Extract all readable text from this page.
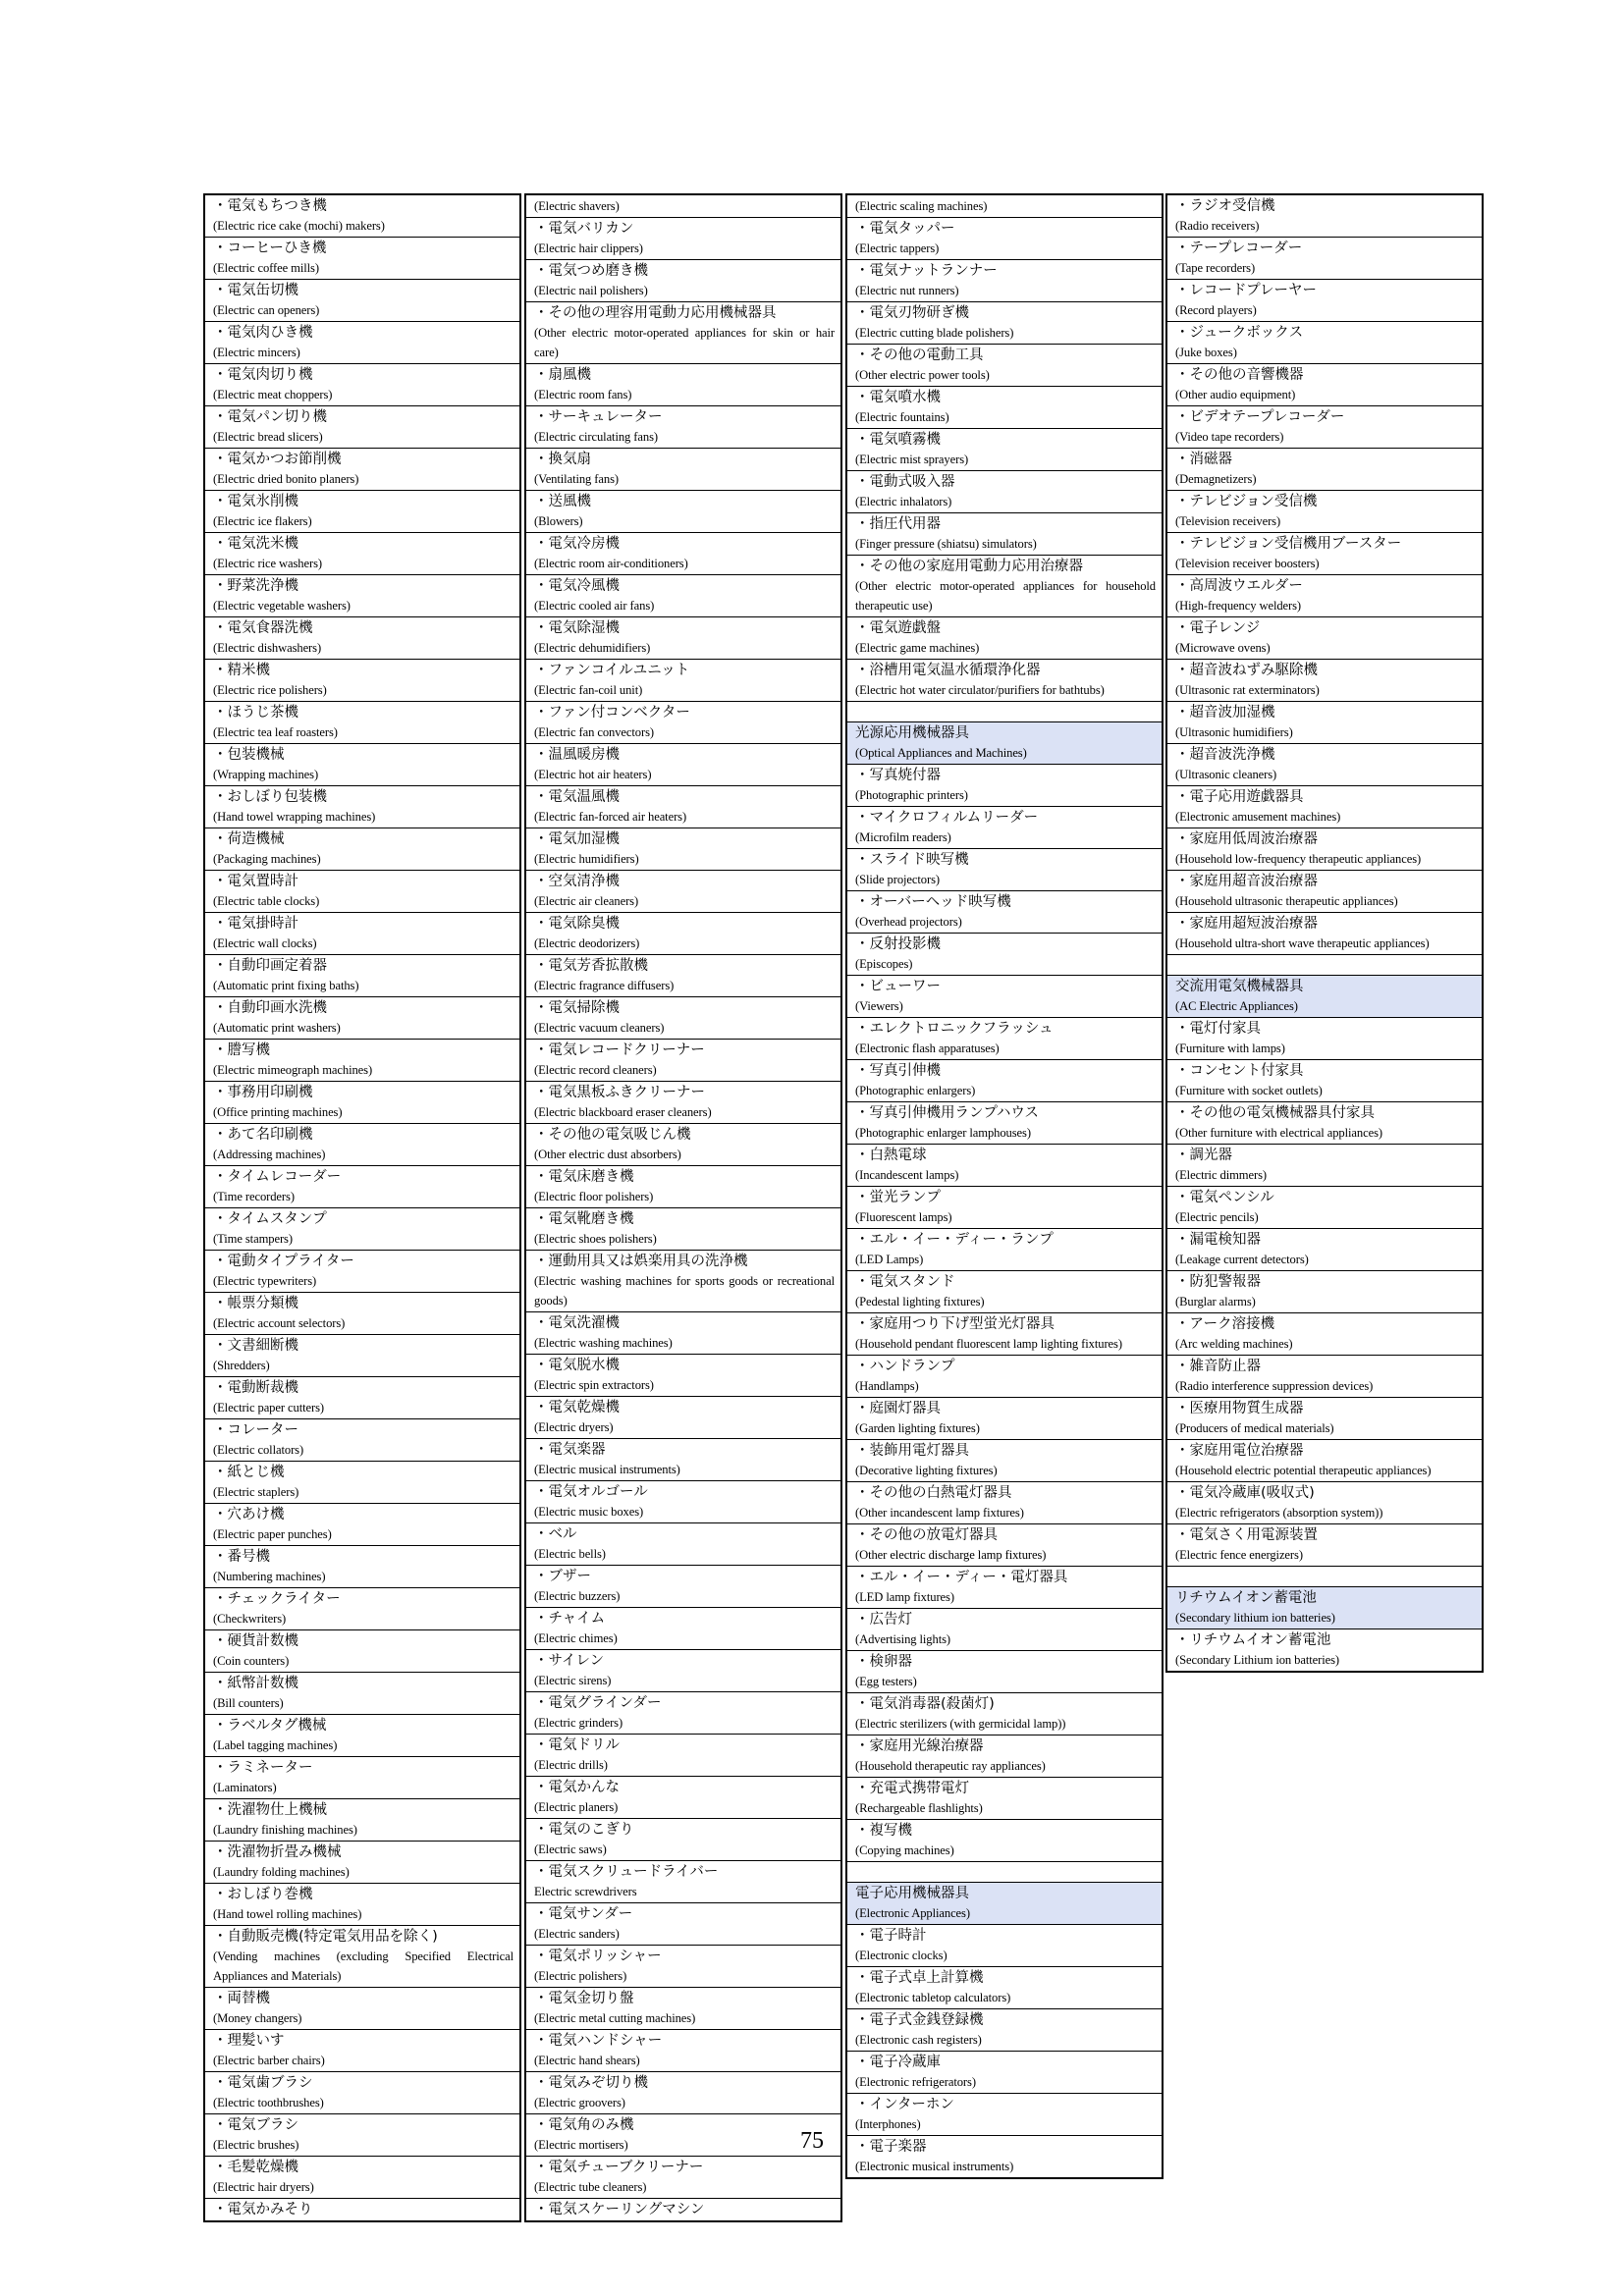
・電気もちつき機
(Electric rice cake (mochi) makers)
・コーヒーひき機
(Electric coffee mills)
・電気缶切機
(Electric can openers)
・電気肉ひき機
(Electric mincers)
・電気肉切り機
(Electric meat choppers)
・電気パン切り機
(Electric bread slicers)
・電気かつお節削機
(Electric dried bonito planers)
・電気氷削機
(Electric ice flakers)
・電気洗米機
(Electric rice washers)
・野菜洗浄機
(Electric vegetable washers)
・電気食器洗機
(Electric dishwashers)
・精米機
(Electric rice polishers)
・ほうじ茶機
(Electric tea leaf roasters)
・包装機械
(Wrapping machines)
・おしぼり包装機
(Hand towel wrapping machines)
・荷造機械
(Packaging machines)
・電気置時計
(Electric table clocks)
・電気掛時計
(Electric wall clocks)
・自動印画定着器
(Automatic print fixing baths)
・自動印画水洗機
(Automatic print washers)
・謄写機
(Electric mimeograph machines)
・事務用印刷機
(Office printing machines)
・あて名印刷機
(Addressing machines)
・タイムレコーダー
(Time recorders)
・タイムスタンプ
(Time stampers)
・電動タイプライター
(Electric typewriters)
・帳票分類機
(Electric account selectors)
・文書細断機
(Shredders)
・電動断裁機
(Electric paper cutters)
・コレーター
(Electric collators)
・紙とじ機
(Electric staplers)
・穴あけ機
(Electric paper punches)
・番号機
(Numbering machines)
・チェックライター
(Checkwriters)
・硬貨計数機
(Coin counters)
・紙幣計数機
(Bill counters)
・ラベルタグ機械
(Label tagging machines)
・ラミネーター
(Laminators)
・洗濯物仕上機械
(Laundry finishing machines)
・洗濯物折畳み機械
(Laundry folding machines)
・おしぼり巻機
(Hand towel rolling machines)
・自動販売機(特定電気用品を除く)
(Vending machines (excluding Specified Electrical Appliances and Materials)
・両替機
(Money changers)
・理髪いす
(Electric barber chairs)
・電気歯ブラシ
(Electric toothbrushes)
・電気ブラシ
(Electric brushes)
・毛髪乾燥機
(Electric hair dryers)
・電気かみそり
(Electric shavers)
・電気バリカン
(Electric hair clippers)
・電気つめ磨き機
(Electric nail polishers)
・その他の理容用電動力応用機械器具
(Other electric motor-operated appliances for skin or hair care)
・扇風機
(Electric room fans)
・サーキュレーター
(Electric circulating fans)
・換気扇
(Ventilating fans)
・送風機
(Blowers)
・電気冷房機
(Electric room air-conditioners)
・電気冷風機
(Electric cooled air fans)
・電気除湿機
(Electric dehumidifiers)
・ファンコイルユニット
(Electric fan-coil unit)
・ファン付コンベクター
(Electric fan convectors)
・温風暖房機
(Electric hot air heaters)
・電気温風機
(Electric fan-forced air heaters)
・電気加湿機
(Electric humidifiers)
・空気清浄機
(Electric air cleaners)
・電気除臭機
(Electric deodorizers)
・電気芳香拡散機
(Electric fragrance diffusers)
・電気掃除機
(Electric vacuum cleaners)
・電気レコードクリーナー
(Electric record cleaners)
・電気黒板ふきクリーナー
(Electric blackboard eraser cleaners)
・その他の電気吸じん機
(Other electric dust absorbers)
・電気床磨き機
(Electric floor polishers)
・電気靴磨き機
(Electric shoes polishers)
・運動用具又は娯楽用具の洗浄機
(Electric washing machines for sports goods or recreational goods)
・電気洗濯機
(Electric washing machines)
・電気脱水機
(Electric spin extractors)
・電気乾燥機
(Electric dryers)
・電気楽器
(Electric musical instruments)
・電気オルゴール
(Electric music boxes)
・ベル
(Electric bells)
・ブザー
(Electric buzzers)
・チャイム
(Electric chimes)
・サイレン
(Electric sirens)
・電気グラインダー
(Electric grinders)
・電気ドリル
(Electric drills)
・電気かんな
(Electric planers)
・電気のこぎり
(Electric saws)
・電気スクリュードライバー
Electric screwdrivers
・電気サンダー
(Electric sanders)
・電気ポリッシャー
(Electric polishers)
・電気金切り盤
(Electric metal cutting machines)
・電気ハンドシャー
(Electric hand shears)
・電気みぞ切り機
(Electric groovers)
・電気角のみ機
(Electric mortisers)
・電気チューブクリーナー
(Electric tube cleaners)
・電気スケーリングマシン
(Electric scaling machines)
・電気タッパー
(Electric tappers)
・電気ナットランナー
(Electric nut runners)
・電気刃物研ぎ機
(Electric cutting blade polishers)
・その他の電動工具
(Other electric power tools)
・電気噴水機
(Electric fountains)
・電気噴霧機
(Electric mist sprayers)
・電動式吸入器
(Electric inhalators)
・指圧代用器
(Finger pressure (shiatsu) simulators)
・その他の家庭用電動力応用治療器
(Other electric motor-operated appliances for household therapeutic use)
・電気遊戯盤
(Electric game machines)
・浴槽用電気温水循環浄化器
(Electric hot water circulator/purifiers for bathtubs)
光源応用機械器具
(Optical Appliances and Machines)
・写真焼付器
(Photographic printers)
・マイクロフィルムリーダー
(Microfilm readers)
・スライド映写機
(Slide projectors)
・オーバーヘッド映写機
(Overhead projectors)
・反射投影機
(Episcopes)
・ビューワー
(Viewers)
・エレクトロニックフラッシュ
(Electronic flash apparatuses)
・写真引伸機
(Photographic enlargers)
・写真引伸機用ランプハウス
(Photographic enlarger lamphouses)
・白熱電球
(Incandescent lamps)
・蛍光ランプ
(Fluorescent lamps)
・エル・イー・ディー・ランプ
(LED Lamps)
・電気スタンド
(Pedestal lighting fixtures)
・家庭用つり下げ型蛍光灯器具
(Household pendant fluorescent lamp lighting fixtures)
・ハンドランプ
(Handlamps)
・庭園灯器具
(Garden lighting fixtures)
・装飾用電灯器具
(Decorative lighting fixtures)
・その他の白熱電灯器具
(Other incandescent lamp fixtures)
・その他の放電灯器具
(Other electric discharge lamp fixtures)
・エル・イー・ディー・電灯器具
(LED lamp fixtures)
・広告灯
(Advertising lights)
・検卵器
(Egg testers)
・電気消毒器(殺菌灯)
(Electric sterilizers (with germicidal lamp))
・家庭用光線治療器
(Household therapeutic ray appliances)
・充電式携帯電灯
(Rechargeable flashlights)
・複写機
(Copying machines)
電子応用機械器具
(Electronic Appliances)
・電子時計
(Electronic clocks)
・電子式卓上計算機
(Electronic tabletop calculators)
・電子式金銭登録機
(Electronic cash registers)
・電子冷蔵庫
(Electronic refrigerators)
・インターホン
(Interphones)
・電子楽器
(Electronic musical instruments)
・ラジオ受信機
(Radio receivers)
・テープレコーダー
(Tape recorders)
・レコードプレーヤー
(Record players)
・ジュークボックス
(Juke boxes)
・その他の音響機器
(Other audio equipment)
・ビデオテープレコーダー
(Video tape recorders)
・消磁器
(Demagnetizers)
・テレビジョン受信機
(Television receivers)
・テレビジョン受信機用ブースター
(Television receiver boosters)
・高周波ウエルダー
(High-frequency welders)
・電子レンジ
(Microwave ovens)
・超音波ねずみ駆除機
(Ultrasonic rat exterminators)
・超音波加湿機
(Ultrasonic humidifiers)
・超音波洗浄機
(Ultrasonic cleaners)
・電子応用遊戯器具
(Electronic amusement machines)
・家庭用低周波治療器
(Household low-frequency therapeutic appliances)
・家庭用超音波治療器
(Household ultrasonic therapeutic appliances)
・家庭用超短波治療器
(Household ultra-short wave therapeutic appliances)
交流用電気機械器具
(AC Electric Appliances)
・電灯付家具
(Furniture with lamps)
・コンセント付家具
(Furniture with socket outlets)
・その他の電気機械器具付家具
(Other furniture with electrical appliances)
・調光器
(Electric dimmers)
・電気ペンシル
(Electric pencils)
・漏電検知器
(Leakage current detectors)
・防犯警報器
(Burglar alarms)
・アーク溶接機
(Arc welding machines)
・雑音防止器
(Radio interference suppression devices)
・医療用物質生成器
(Producers of medical materials)
・家庭用電位治療器
(Household electric potential therapeutic appliances)
・電気冷蔵庫(吸収式)
(Electric refrigerators (absorption system))
・電気さく用電源装置
(Electric fence energizers)
リチウムイオン蓄電池
(Secondary lithium ion batteries)
・リチウムイオン蓄電池
(Secondary Lithium ion batteries)
75
